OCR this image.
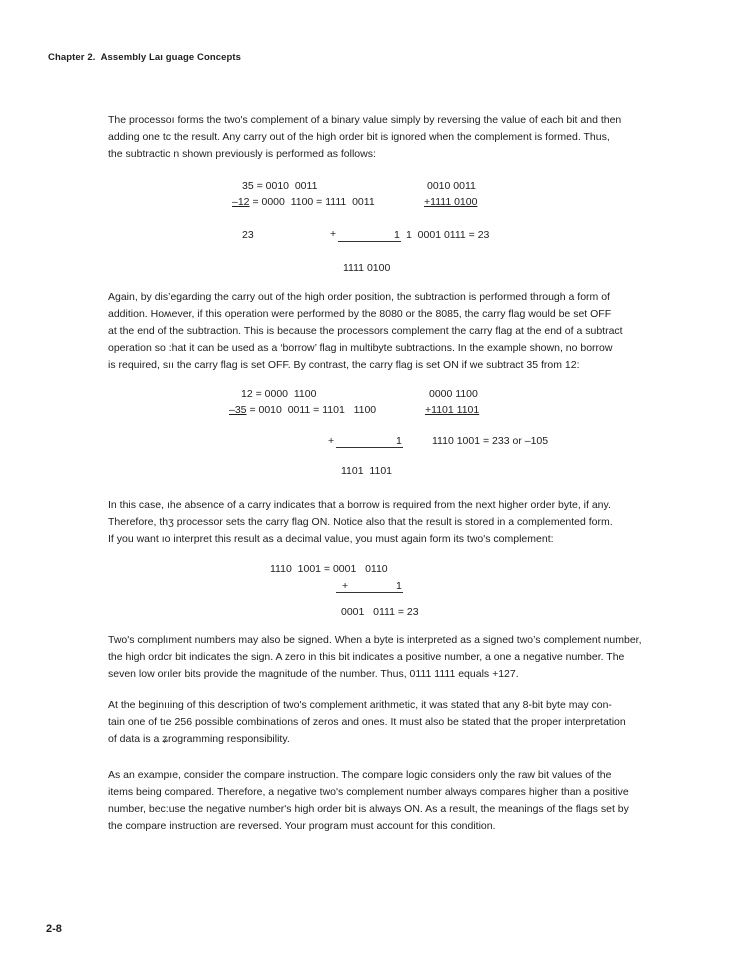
Chapter 2.  Assembly Laı guage Concepts
The processoı forms the two's complement of a binary value simply by reversing the value of each bit and then
adding one tc the result. Any carry out of the high order bit is ignored when the complement is formed. Thus,
the subtractic n shown previously is performed as follows:
35 = 0010  0011	0010 0011
–12 = 0000  1100 = 1111  0011	+1111 0100
23	+	1 1  0001 0111 = 23
1111 0100
Again, by dis’egarding the carry out of the high order position, the subtraction is performed through a form of
addition. Hoʍever, if this operation were performed by the 8080 or the 8085, the carry flag would be set OFF
at the end of the subtraction. This is because the processors complement the carry flag at the end of a subtract
operation so :hat it can be used as a ‘borrow’ flag in multibyte subtractions. In the example shown, no borrow
is required, sıı the carry flag is set OFF. By contrast, the carry flag is set ON if we subtract 35 from 12:
12 = 0000  1100	0000 1100
–35 = 0010  0011 = 1101   1100	+1101 1101
+	1	1110 1001 = 233 or –105
1101  1101
In this case, ıhe absence of a carry indicates that a borrow is required from the next higher order byte, if any.
Therefore, thʒ processor sets the carry flag ON. Notice also that the result is stored in a complemented form.
If you want ıo interpret this result as a decimal value, you must again form its two's complement:
1110  1001 = 0001   0110
+	1
0001   0111 = 23
Two's complıment numbers may also be signed. When a byte is interpreted as a signed two’s complement number,
the high ordcr bit indicates the sign. A zero in this bit indicates a positive number, a one a negative number. The
seven low orıler bits provide the magnitude of the number. Thus, 0111 1111 equals +127.
At the beginııing of this description of two's complement arithmetic, it was stated that any 8-bit byte may con-
tain one of tıe 256 possible combinations of zeros and ones. It must also be stated that the proper interpretation
of data is a ʑrogramming responsibility.
As an exampıe, consider the compare instruction. The compare logic considers only the raw bit values of the
items being сompared. Therefore, a negative two's complement number always compares higher than a positive
number, bec:use the negative number's high order bit is always ON. As a result, the meanings of the flags set by
the compare instruction are reversed. Your program must account for this condition.
2-8
